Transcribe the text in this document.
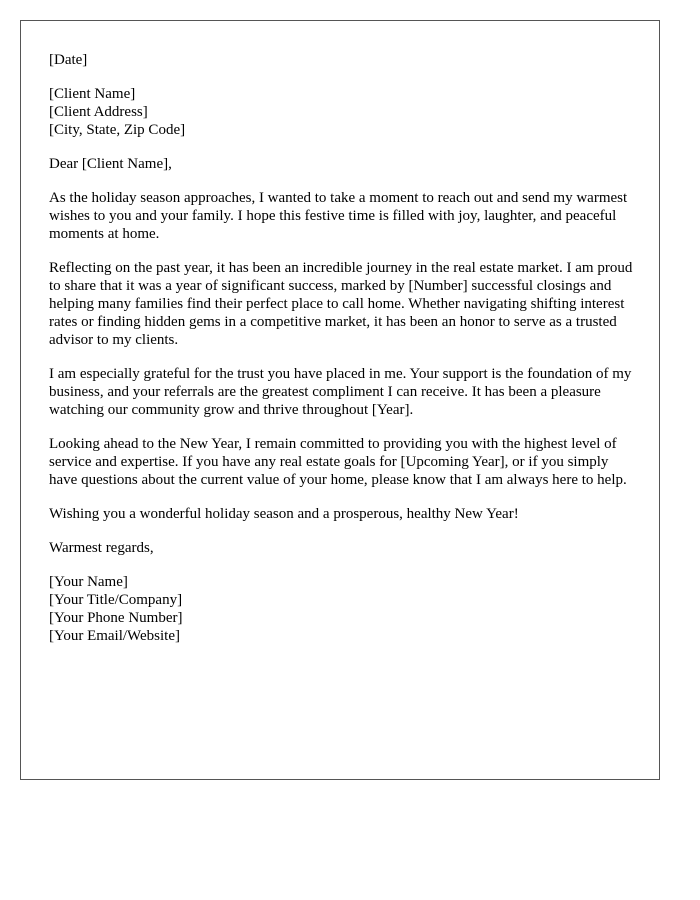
[Date]

[Client Name]
[Client Address]
[City, State, Zip Code]

Dear [Client Name],

As the holiday season approaches, I wanted to take a moment to reach out and send my warmest wishes to you and your family. I hope this festive time is filled with joy, laughter, and peaceful moments at home.

Reflecting on the past year, it has been an incredible journey in the real estate market. I am proud to share that it was a year of significant success, marked by [Number] successful closings and helping many families find their perfect place to call home. Whether navigating shifting interest rates or finding hidden gems in a competitive market, it has been an honor to serve as a trusted advisor to my clients.

I am especially grateful for the trust you have placed in me. Your support is the foundation of my business, and your referrals are the greatest compliment I can receive. It has been a pleasure watching our community grow and thrive throughout [Year].

Looking ahead to the New Year, I remain committed to providing you with the highest level of service and expertise. If you have any real estate goals for [Upcoming Year], or if you simply have questions about the current value of your home, please know that I am always here to help.

Wishing you a wonderful holiday season and a prosperous, healthy New Year!

Warmest regards,

[Your Name]
[Your Title/Company]
[Your Phone Number]
[Your Email/Website]
